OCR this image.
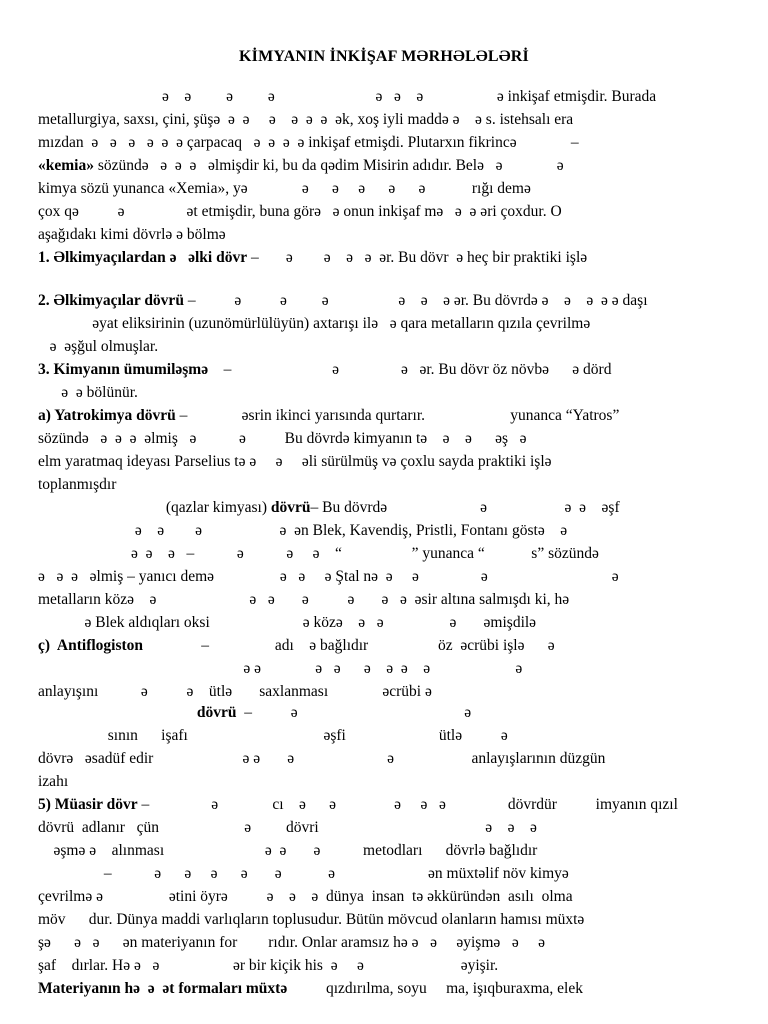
KİMYANIN İNKİŞAF MƏRHƏLƏLƏRİ
ə    ə         ə         ə                          ə   ə    ə                   ə inkişaf etmişdir. Burada
metallurgiya, saxsı, çini, şüşə  ə  ə     ə    ə  ə  ə  ək, xoş iyli maddə ə    ə s. istehsalı era
mızdan  ə   ə   ə   ə  ə  ə çarpacaq   ə  ə  ə  ə inkişaf etmişdi. Plutarxın fikrincə              –
«kemia» sözündə   ə  ə  ə   əlmişdir ki, bu da qədim Misirin adıdır. Belə   ə              ə
kimya sözü yunanca «Xemia», yə              ə      ə     ə      ə      ə            rığı demə
çox qə          ə                ət etmişdir, buna görə   ə onun inkişaf mə   ə  ə əri çoxdur. O
aşağıdakı kimi dövrlə ə bölmə
1. Əlkimyaçılardan ə   əlki dövr –       ə        ə    ə   ə  ər. Bu dövr  ə heç bir praktiki işlə
2. Əlkimyaçılar dövrü –          ə          ə         ə                  ə    ə    ə ər. Bu dövrdə ə    ə    ə  ə ə daşı
əyat eliksirinin (uzunömürlülüyün) axtarışı ilə   ə qara metalların qızıla çevrilmə
ə  əşğul olmuşlar.
3. Kimyanın ümumiləşmə    –                          ə                ə   ər. Bu dövr öz növbə      ə dörd
ə  ə bölünür.
a) Yatrokimya dövrü –              əsrin ikinci yarısında qurtarır.                      yunanca “Yatros”
sözündə   ə  ə  ə  əlmiş   ə           ə          Bu dövrdə kimyanın tə    ə    ə      əş   ə
elm yaratmaq ideyası Parselius tə ə     ə     əli sürülmüş və çoxlu sayda praktiki işlə
toplanmışdır
(qazlar kimyası) dövrü– Bu dövrdə                        ə                    ə  ə    əşf
ə    ə        ə                    ə  ən Blek, Kavendiş, Pristli, Fontanı göstə    ə
ə  ə    ə   –           ə           ə     ə    “                  ” yunanca “            s” sözündə
ə   ə  ə   əlmiş – yanıcı demə                 ə   ə     ə Ştal nə  ə     ə                ə                                ə
metalların közə    ə                        ə   ə       ə          ə       ə   ə  əsir altına salmışdı ki, hə
ə Blek aldıqları oksi                        ə közə    ə   ə                 ə       əmişdilə
ç)  Antiflogiston               –                 adı    ə bağlıdır                  öz  əcrübi işlə      ə
ə ə              ə   ə      ə    ə  ə    ə                      ə
anlayışını           ə          ə    ütlə       saxlanması              əcrübi ə
dövrü  –          ə                                           ə
sının      işafı                                   əşfi                        ütlə          ə
dövrə   əsadüf edir                       ə ə       ə                        ə                    anlayışlarının düzgün
izahı
5) Müasir dövr –                ə              cı    ə      ə               ə     ə   ə                dövrdür          imyanın qızıl
dövrü  adlanır   çün                      ə         dövri                                           ə    ə    ə
əşmə ə    alınması                          ə  ə       ə           metodları      dövrlə bağlıdır
–           ə      ə     ə      ə       ə            ə                        ən müxtəlif növ kimyə
çevrilmə ə                 ətini öyrə          ə    ə    ə  dünya  insan  tə əkküründən  asılı  olma
möv      dur. Dünya maddi varlıqların toplusudur. Bütün mövcud olanların hamısı müxtə
şə      ə   ə      ən materiyanın for        rıdır. Onlar aramsız hə ə   ə     əyişmə   ə     ə
şaf    dırlar. Hə ə   ə                   ər bir kiçik his  ə     ə                         əyişir.
Materiyanın hə  ə  ət formaları müxtə          qızdırılma, soyu     ma, işıqburaxma, elek
